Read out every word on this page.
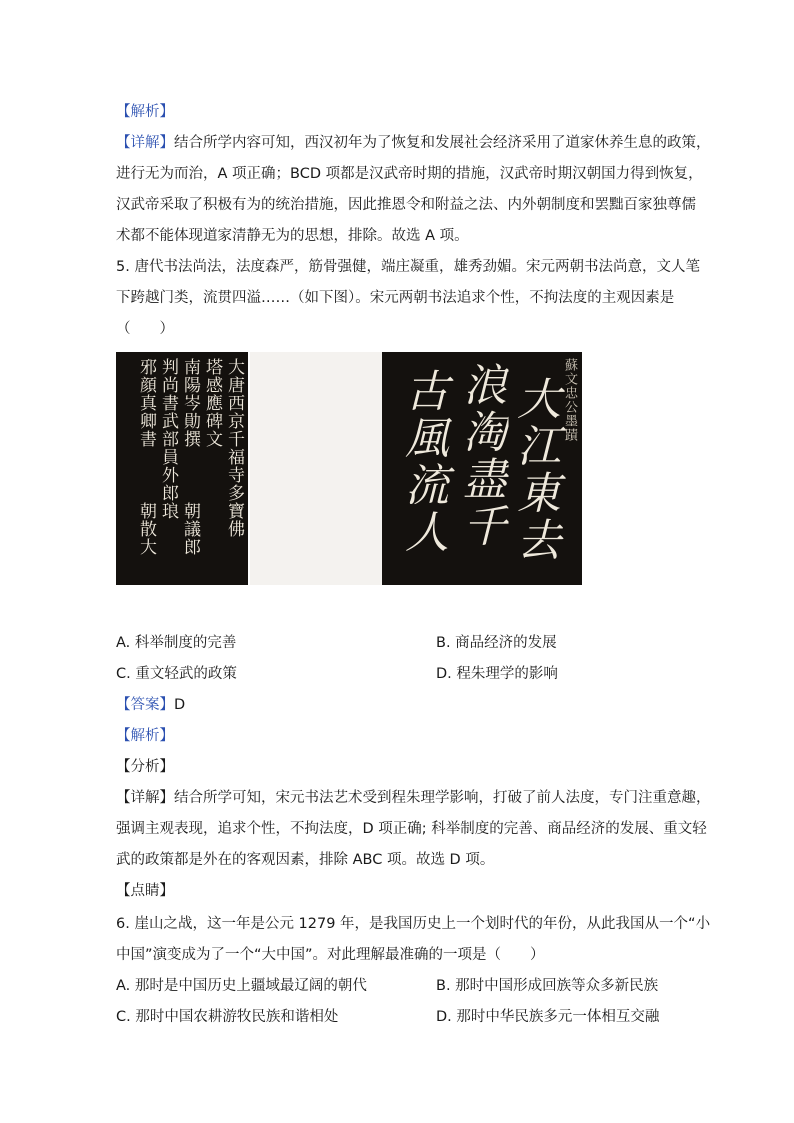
【解析】
【详解】结合所学内容可知，西汉初年为了恢复和发展社会经济采用了道家休养生息的政策，
进行无为而治，A 项正确；BCD 项都是汉武帝时期的措施，汉武帝时期汉朝国力得到恢复，
汉武帝采取了积极有为的统治措施，因此推恩令和附益之法、内外朝制度和罢黜百家独尊儒
术都不能体现道家清静无为的思想，排除。故选 A 项。
5. 唐代书法尚法，法度森严，筋骨强健，端庄凝重，雄秀劲媚。宋元两朝书法尚意，文人笔
下跨越门类，流贯四溢……（如下图）。宋元两朝书法追求个性，不拘法度的主观因素是
（　　）
大唐西京千福寺多寶佛
塔感應碑文
南陽岑勛撰
判尚書武部員外郎琅
邪顔真卿書
朝議郎
朝散大
蘇文忠公墨蹟
大江東去
浪淘盡千
古風流人
A. 科举制度的完善	B. 商品经济的发展
C. 重文轻武的政策	D. 程朱理学的影响
【答案】D
【解析】
【分析】
【详解】结合所学可知，宋元书法艺术受到程朱理学影响，打破了前人法度，专门注重意趣，
强调主观表现，追求个性，不拘法度，D 项正确; 科举制度的完善、商品经济的发展、重文轻
武的政策都是外在的客观因素，排除 ABC 项。故选 D 项。
【点睛】
6. 崖山之战，这一年是公元 1279 年，是我国历史上一个划时代的年份，从此我国从一个“小
中国”演变成为了一个“大中国”。对此理解最准确的一项是（　　）
A. 那时是中国历史上疆域最辽阔的朝代	B. 那时中国形成回族等众多新民族
C. 那时中国农耕游牧民族和谐相处	D. 那时中华民族多元一体相互交融
